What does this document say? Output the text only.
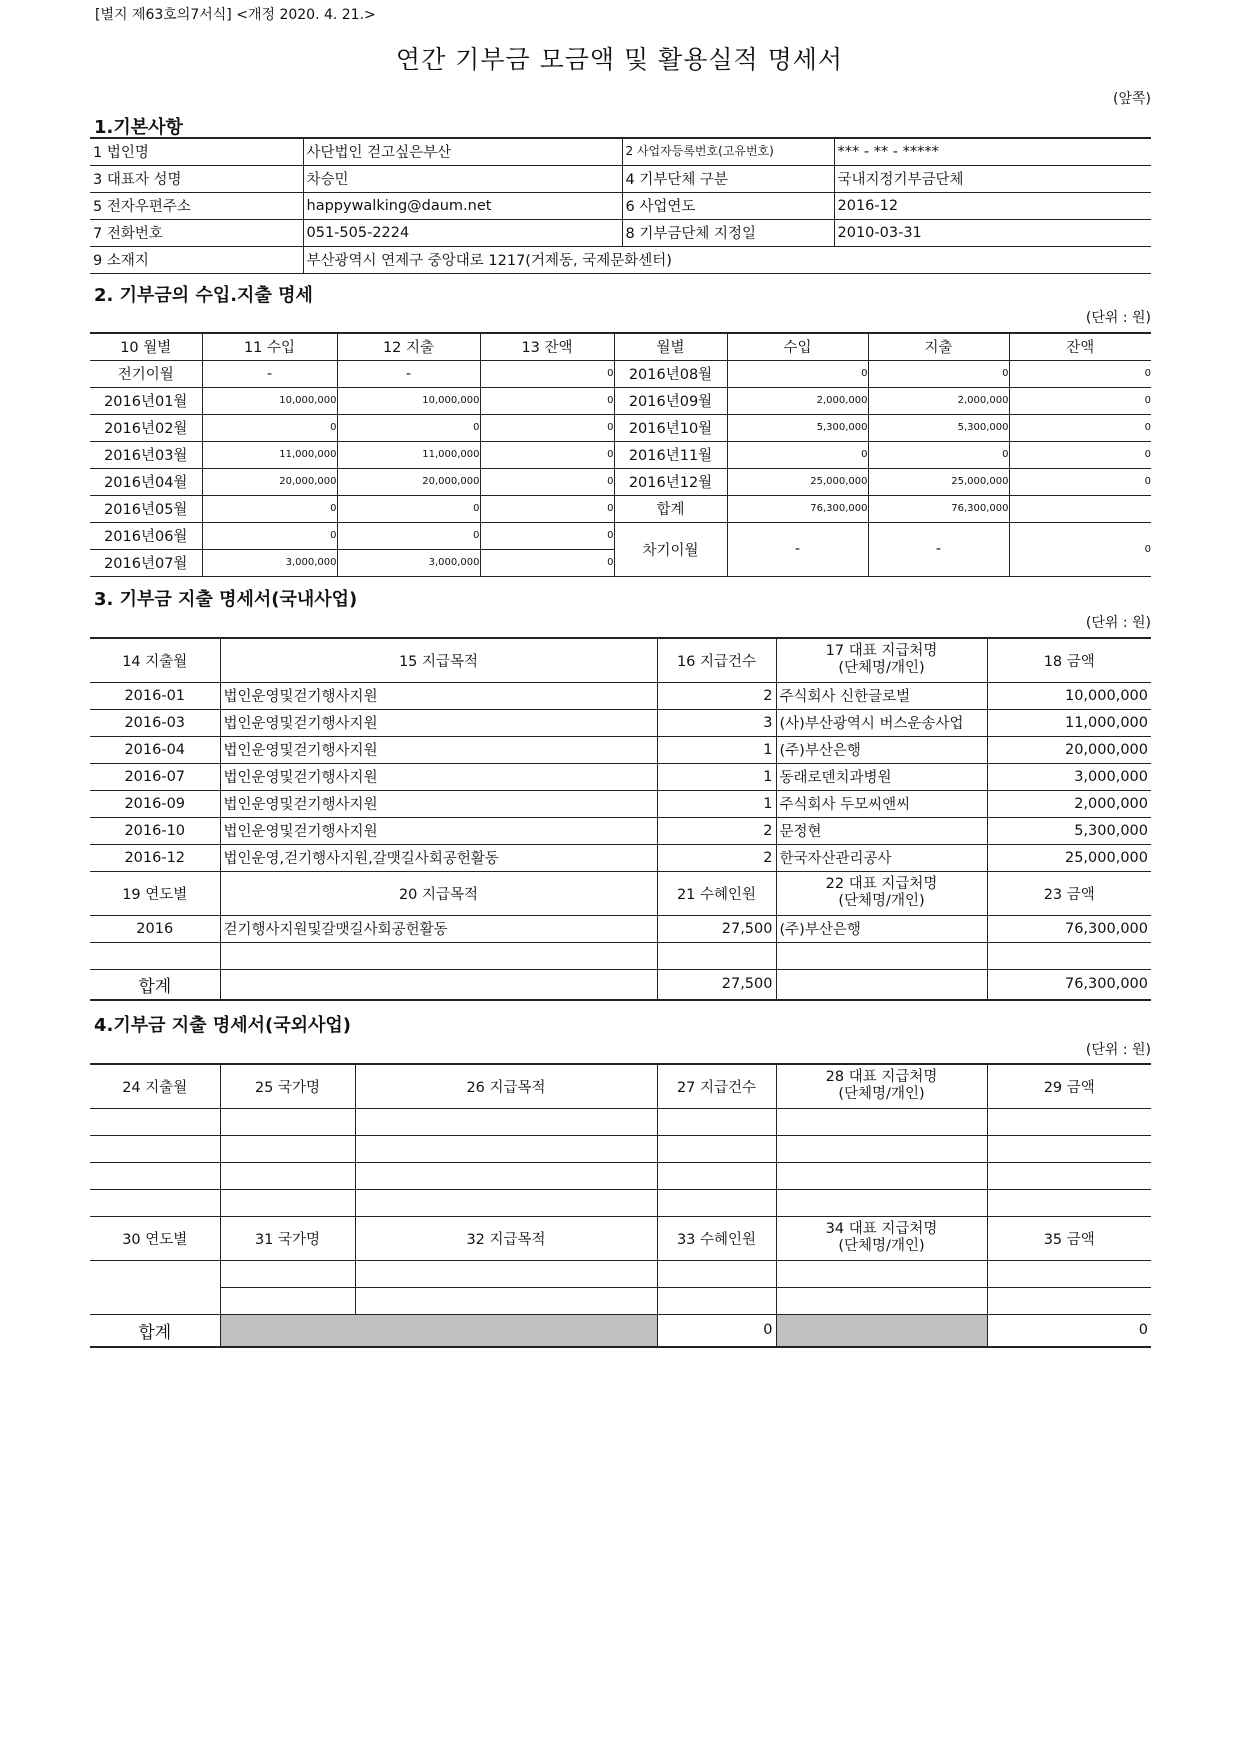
[별지 제63호의7서식] <개정 2020. 4. 21.>
연간 기부금 모금액 및 활용실적 명세서
(앞쪽)
1.기본사항
1 법인명	사단법인 걷고싶은부산	2 사업자등록번호(고유번호)	*** - ** - *****
3 대표자 성명	차승민	4 기부단체 구분	국내지정기부금단체
5 전자우편주소	happywalking@daum.net	6 사업연도	2016-12
7 전화번호	051-505-2224	8 기부금단체 지정일	2010-03-31
9 소재지	부산광역시 연제구 중앙대로 1217(거제동, 국제문화센터)		
2. 기부금의 수입.지출 명세
(단위 : 원)
10 월별	11 수입	12 지출	13 잔액	월별	수입	지출	잔액
전기이월	-	-	0	2016년08월	0	0	0
2016년01월	10,000,000	10,000,000	0	2016년09월	2,000,000	2,000,000	0
2016년02월	0	0	0	2016년10월	5,300,000	5,300,000	0
2016년03월	11,000,000	11,000,000	0	2016년11월	0	0	0
2016년04월	20,000,000	20,000,000	0	2016년12월	25,000,000	25,000,000	0
2016년05월	0	0	0	합계	76,300,000	76,300,000	
2016년06월	0	0	0	차기이월	-	-	0
2016년07월	3,000,000	3,000,000	0				
3. 기부금 지출 명세서(국내사업)
(단위 : 원)
14 지출월	15 지급목적	16 지급건수	17 대표 지급처명
(단체명/개인)	18 금액
2016-01	법인운영및걷기행사지원	2	주식회사 신한글로벌	10,000,000
2016-03	법인운영및걷기행사지원	3	(사)부산광역시 버스운송사업	11,000,000
2016-04	법인운영및걷기행사지원	1	(주)부산은행	20,000,000
2016-07	법인운영및걷기행사지원	1	동래로덴치과병원	3,000,000
2016-09	법인운영및걷기행사지원	1	주식회사 두모씨앤씨	2,000,000
2016-10	법인운영및걷기행사지원	2	문정현	5,300,000
2016-12	법인운영,걷기행사지원,갈맷길사회공헌활동	2	한국자산관리공사	25,000,000
19 연도별	20 지급목적	21 수혜인원	22 대표 지급처명
(단체명/개인)	23 금액
2016	걷기행사지원및갈맷길사회공헌활동	27,500	(주)부산은행	76,300,000

합계		27,500		76,300,000
4.기부금 지출 명세서(국외사업)
(단위 : 원)
24 지출월	25 국가명	26 지급목적	27 지급건수	28 대표 지급처명
(단체명/개인)	29 금액

30 연도별	31 국가명	32 지급목적	33 수혜인원	34 대표 지급처명
(단체명/개인)	35 금액

합계			0		0
